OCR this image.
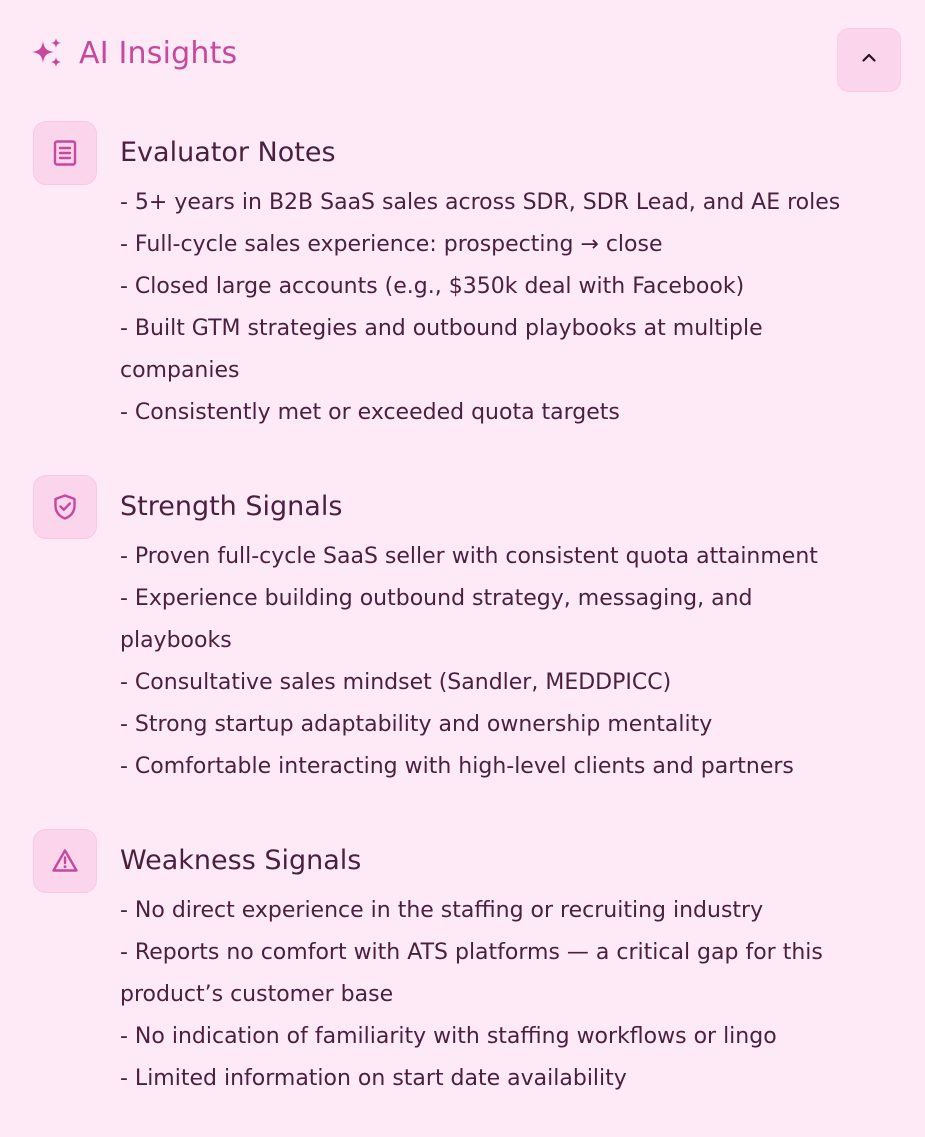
AI Insights
Evaluator Notes
- 5+ years in B2B SaaS sales across SDR, SDR Lead, and AE roles
- Full-cycle sales experience: prospecting → close
- Closed large accounts (e.g., $350k deal with Facebook)
- Built GTM strategies and outbound playbooks at multiple
companies
- Consistently met or exceeded quota targets
Strength Signals
- Proven full-cycle SaaS seller with consistent quota attainment
- Experience building outbound strategy, messaging, and
playbooks
- Consultative sales mindset (Sandler, MEDDPICC)
- Strong startup adaptability and ownership mentality
- Comfortable interacting with high-level clients and partners
Weakness Signals
- No direct experience in the staffing or recruiting industry
- Reports no comfort with ATS platforms — a critical gap for this
product’s customer base
- No indication of familiarity with staffing workflows or lingo
- Limited information on start date availability
